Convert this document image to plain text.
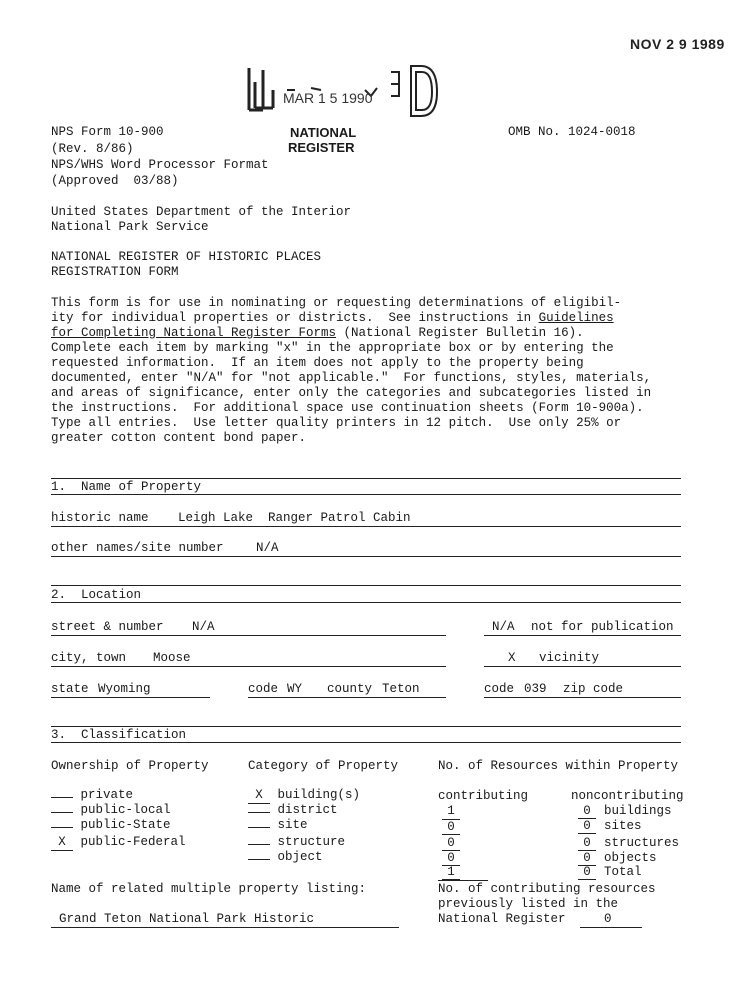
NOV 2 9 1989

MAR 1 5 1990
NPS Form 10-900
(Rev. 8/86)
NPS/WHS Word Processor Format
(Approved  03/88)
NATIONAL
REGISTER
OMB No. 1024-0018
United States Department of the Interior
National Park Service
NATIONAL REGISTER OF HISTORIC PLACES
REGISTRATION FORM
This form is for use in nominating or requesting determinations of eligibil-
ity for individual properties or districts.  See instructions in Guidelines
for Completing National Register Forms (National Register Bulletin 16).
Complete each item by marking "x" in the appropriate box or by entering the
requested information.  If an item does not apply to the property being
documented, enter "N/A" for "not applicable."  For functions, styles, materials,
and areas of significance, enter only the categories and subcategories listed in
the instructions.  For additional space use continuation sheets (Form 10-900a).
Type all entries.  Use letter quality printers in 12 pitch.  Use only 25% or
greater cotton content bond paper.
1.  Name of Property
historic name Leigh Lake  Ranger Patrol Cabin
other names/site number	N/A
2.  Location
street & number N/A	N/A not for publication
city, town Moose	X vicinity
state Wyoming	code WY county Teton	code 039 zip code
3.  Classification
Ownership of Property	Category of Property	No. of Resources within Property
private
public-local
public-State
X public-Federal
X building(s)
district
site
structure
object
contributing	noncontributing
1	0	buildings
0	0	sites
0	0	structures
0	0	objects
1	0	Total
Name of related multiple property listing:
Grand Teton National Park Historic
No. of contributing resources
previously listed in the
National Register	0
